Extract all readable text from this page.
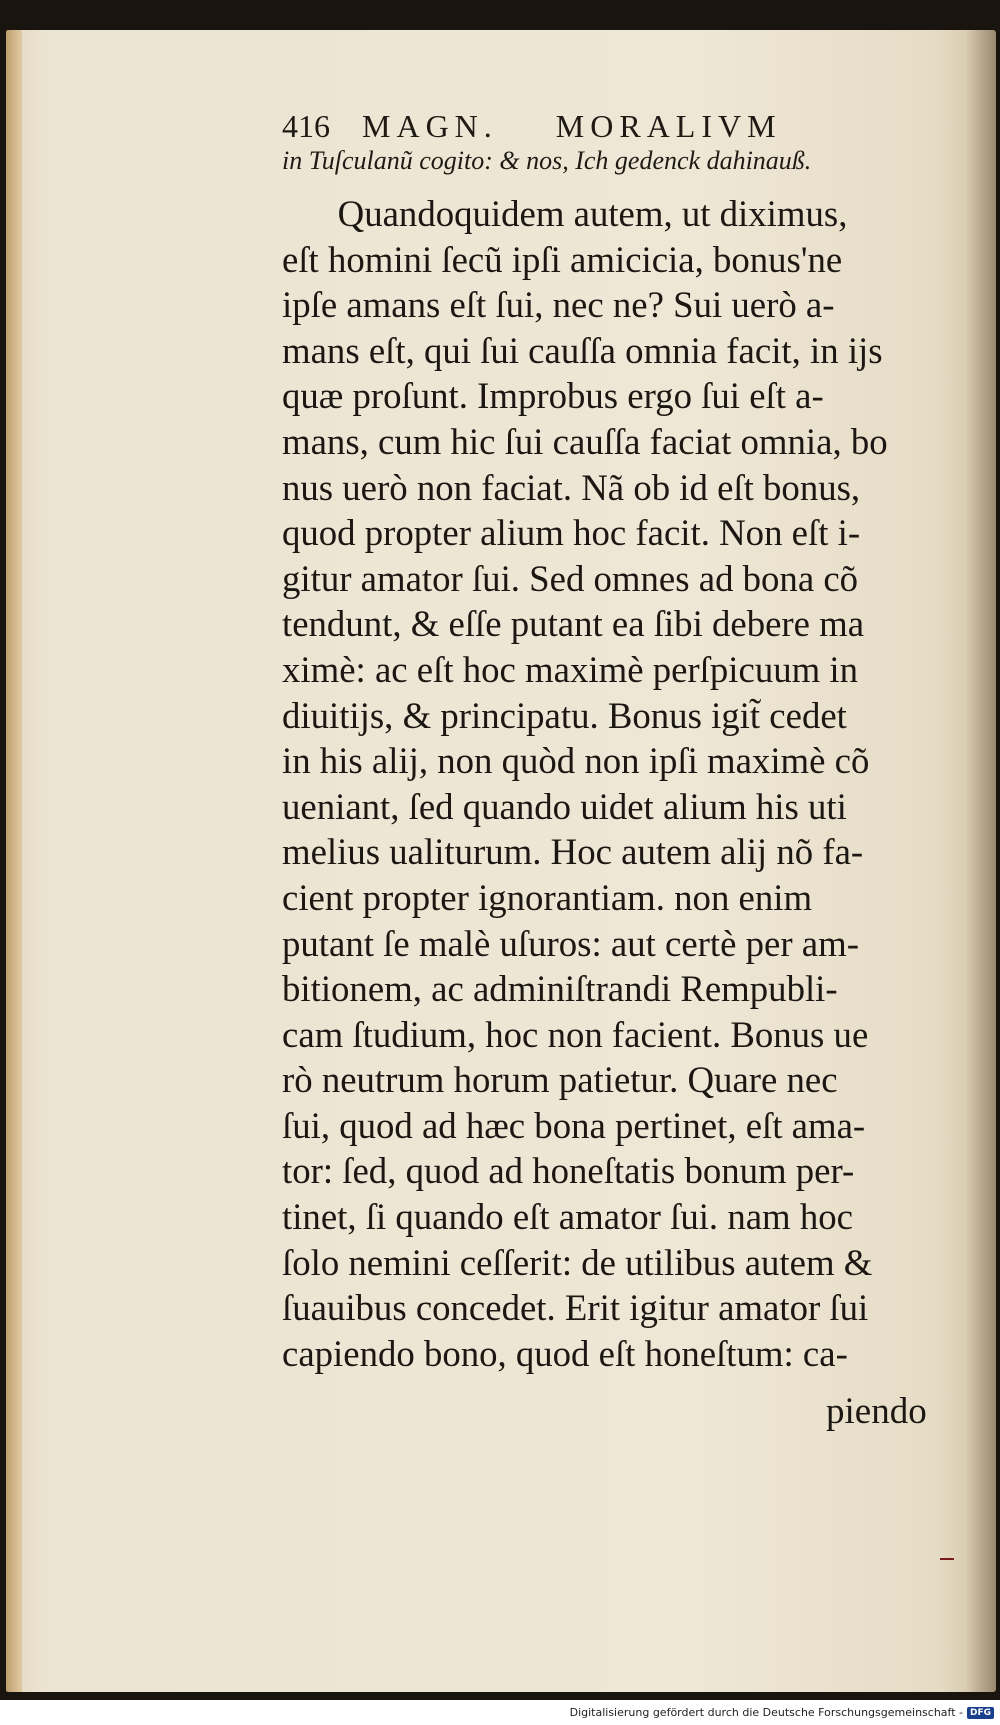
416 MAGN. MORALIVM
in Tuſculanũ cogito: & nos, Ich gedenck dahinauß.
Quandoquidem autem, ut diximus,
eſt homini ſecũ ipſi amicicia, bonus'ne
ipſe amans eſt ſui, nec ne? Sui uerò a-
mans eſt, qui ſui cauſſa omnia facit, in ijs
quæ proſunt. Improbus ergo ſui eſt a-
mans, cum hic ſui cauſſa faciat omnia, bo
nus uerò non faciat. Nã ob id eſt bonus,
quod propter alium hoc facit. Non eſt i-
gitur amator ſui. Sed omnes ad bona cõ
tendunt, & eſſe putant ea ſibi debere ma
ximè: ac eſt hoc maximè perſpicuum in
diuitijs, & principatu. Bonus igit̃ cedet
in his alij, non quòd non ipſi maximè cõ
ueniant, ſed quando uidet alium his uti
melius ualiturum. Hoc autem alij nõ fa-
cient propter ignorantiam. non enim
putant ſe malè uſuros: aut certè per am-
bitionem, ac adminiſtrandi Rempubli-
cam ſtudium, hoc non facient. Bonus ue
rò neutrum horum patietur. Quare nec
ſui, quod ad hæc bona pertinet, eſt ama-
tor: ſed, quod ad honeſtatis bonum per-
tinet, ſi quando eſt amator ſui. nam hoc
ſolo nemini ceſſerit: de utilibus autem &
ſuauibus concedet. Erit igitur amator ſui
capiendo bono, quod eſt honeſtum: ca-
piendo
Digitalisierung gefördert durch die Deutsche Forschungsgemeinschaft - DFG
